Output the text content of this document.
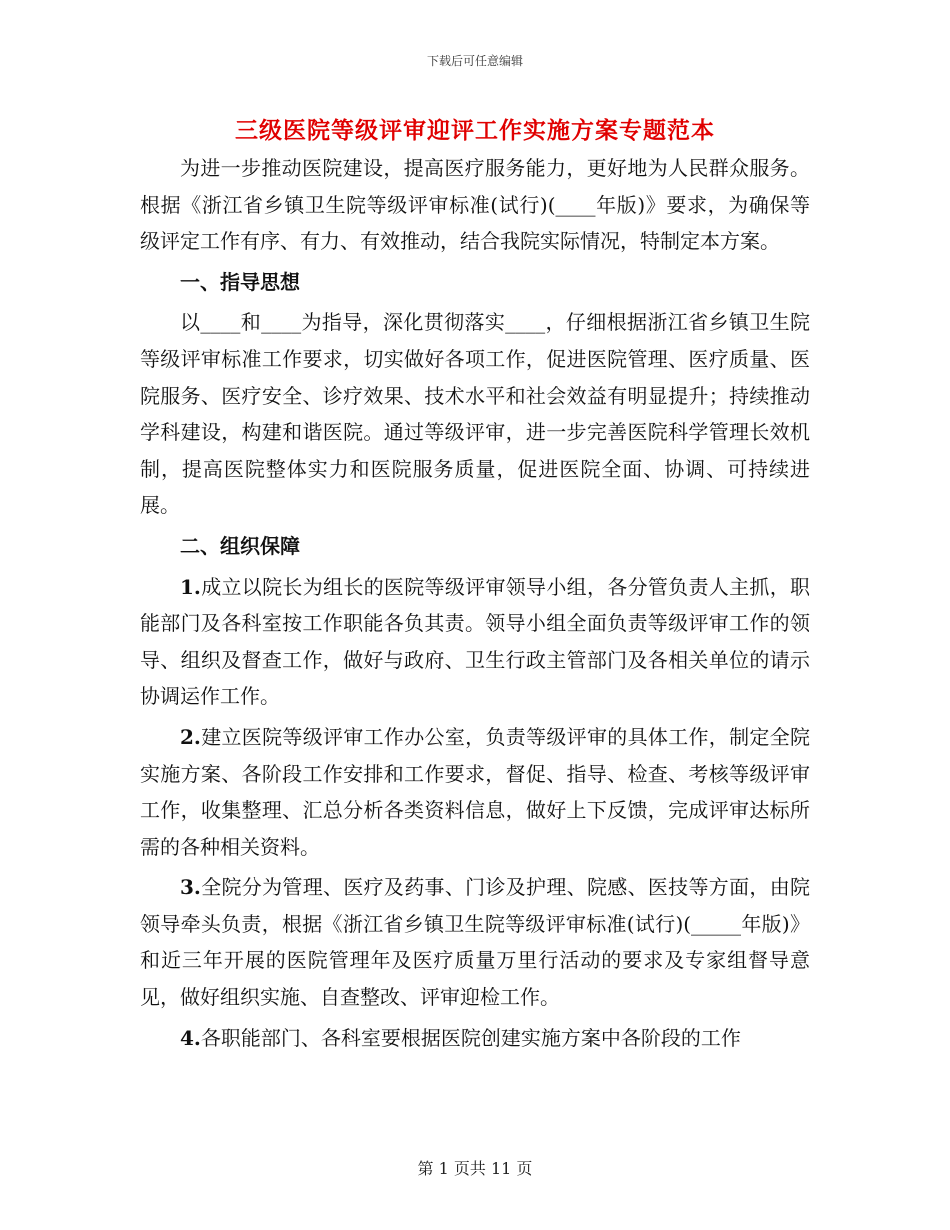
下载后可任意编辑
三级医院等级评审迎评工作实施方案专题范本

为进一步推动医院建设，提高医疗服务能力，更好地为人民群众服务。根据《浙江省乡镇卫生院等级评审标准(试行)(____年版)》要求，为确保等级评定工作有序、有力、有效推动，结合我院实际情况，特制定本方案。

一、指导思想

以____和____为指导，深化贯彻落实____，仔细根据浙江省乡镇卫生院等级评审标准工作要求，切实做好各项工作，促进医院管理、医疗质量、医院服务、医疗安全、诊疗效果、技术水平和社会效益有明显提升；持续推动学科建设，构建和谐医院。通过等级评审，进一步完善医院科学管理长效机制，提高医院整体实力和医院服务质量，促进医院全面、协调、可持续进展。

二、组织保障

1.成立以院长为组长的医院等级评审领导小组，各分管负责人主抓，职能部门及各科室按工作职能各负其责。领导小组全面负责等级评审工作的领导、组织及督查工作，做好与政府、卫生行政主管部门及各相关单位的请示协调运作工作。

2.建立医院等级评审工作办公室，负责等级评审的具体工作，制定全院实施方案、各阶段工作安排和工作要求，督促、指导、检查、考核等级评审工作，收集整理、汇总分析各类资料信息，做好上下反馈，完成评审达标所需的各种相关资料。

3.全院分为管理、医疗及药事、门诊及护理、院感、医技等方面，由院领导牵头负责，根据《浙江省乡镇卫生院等级评审标准(试行)(_____年版)》和近三年开展的医院管理年及医疗质量万里行活动的要求及专家组督导意见，做好组织实施、自查整改、评审迎检工作。

4.各职能部门、各科室要根据医院创建实施方案中各阶段的工作

第 1 页共 11 页
